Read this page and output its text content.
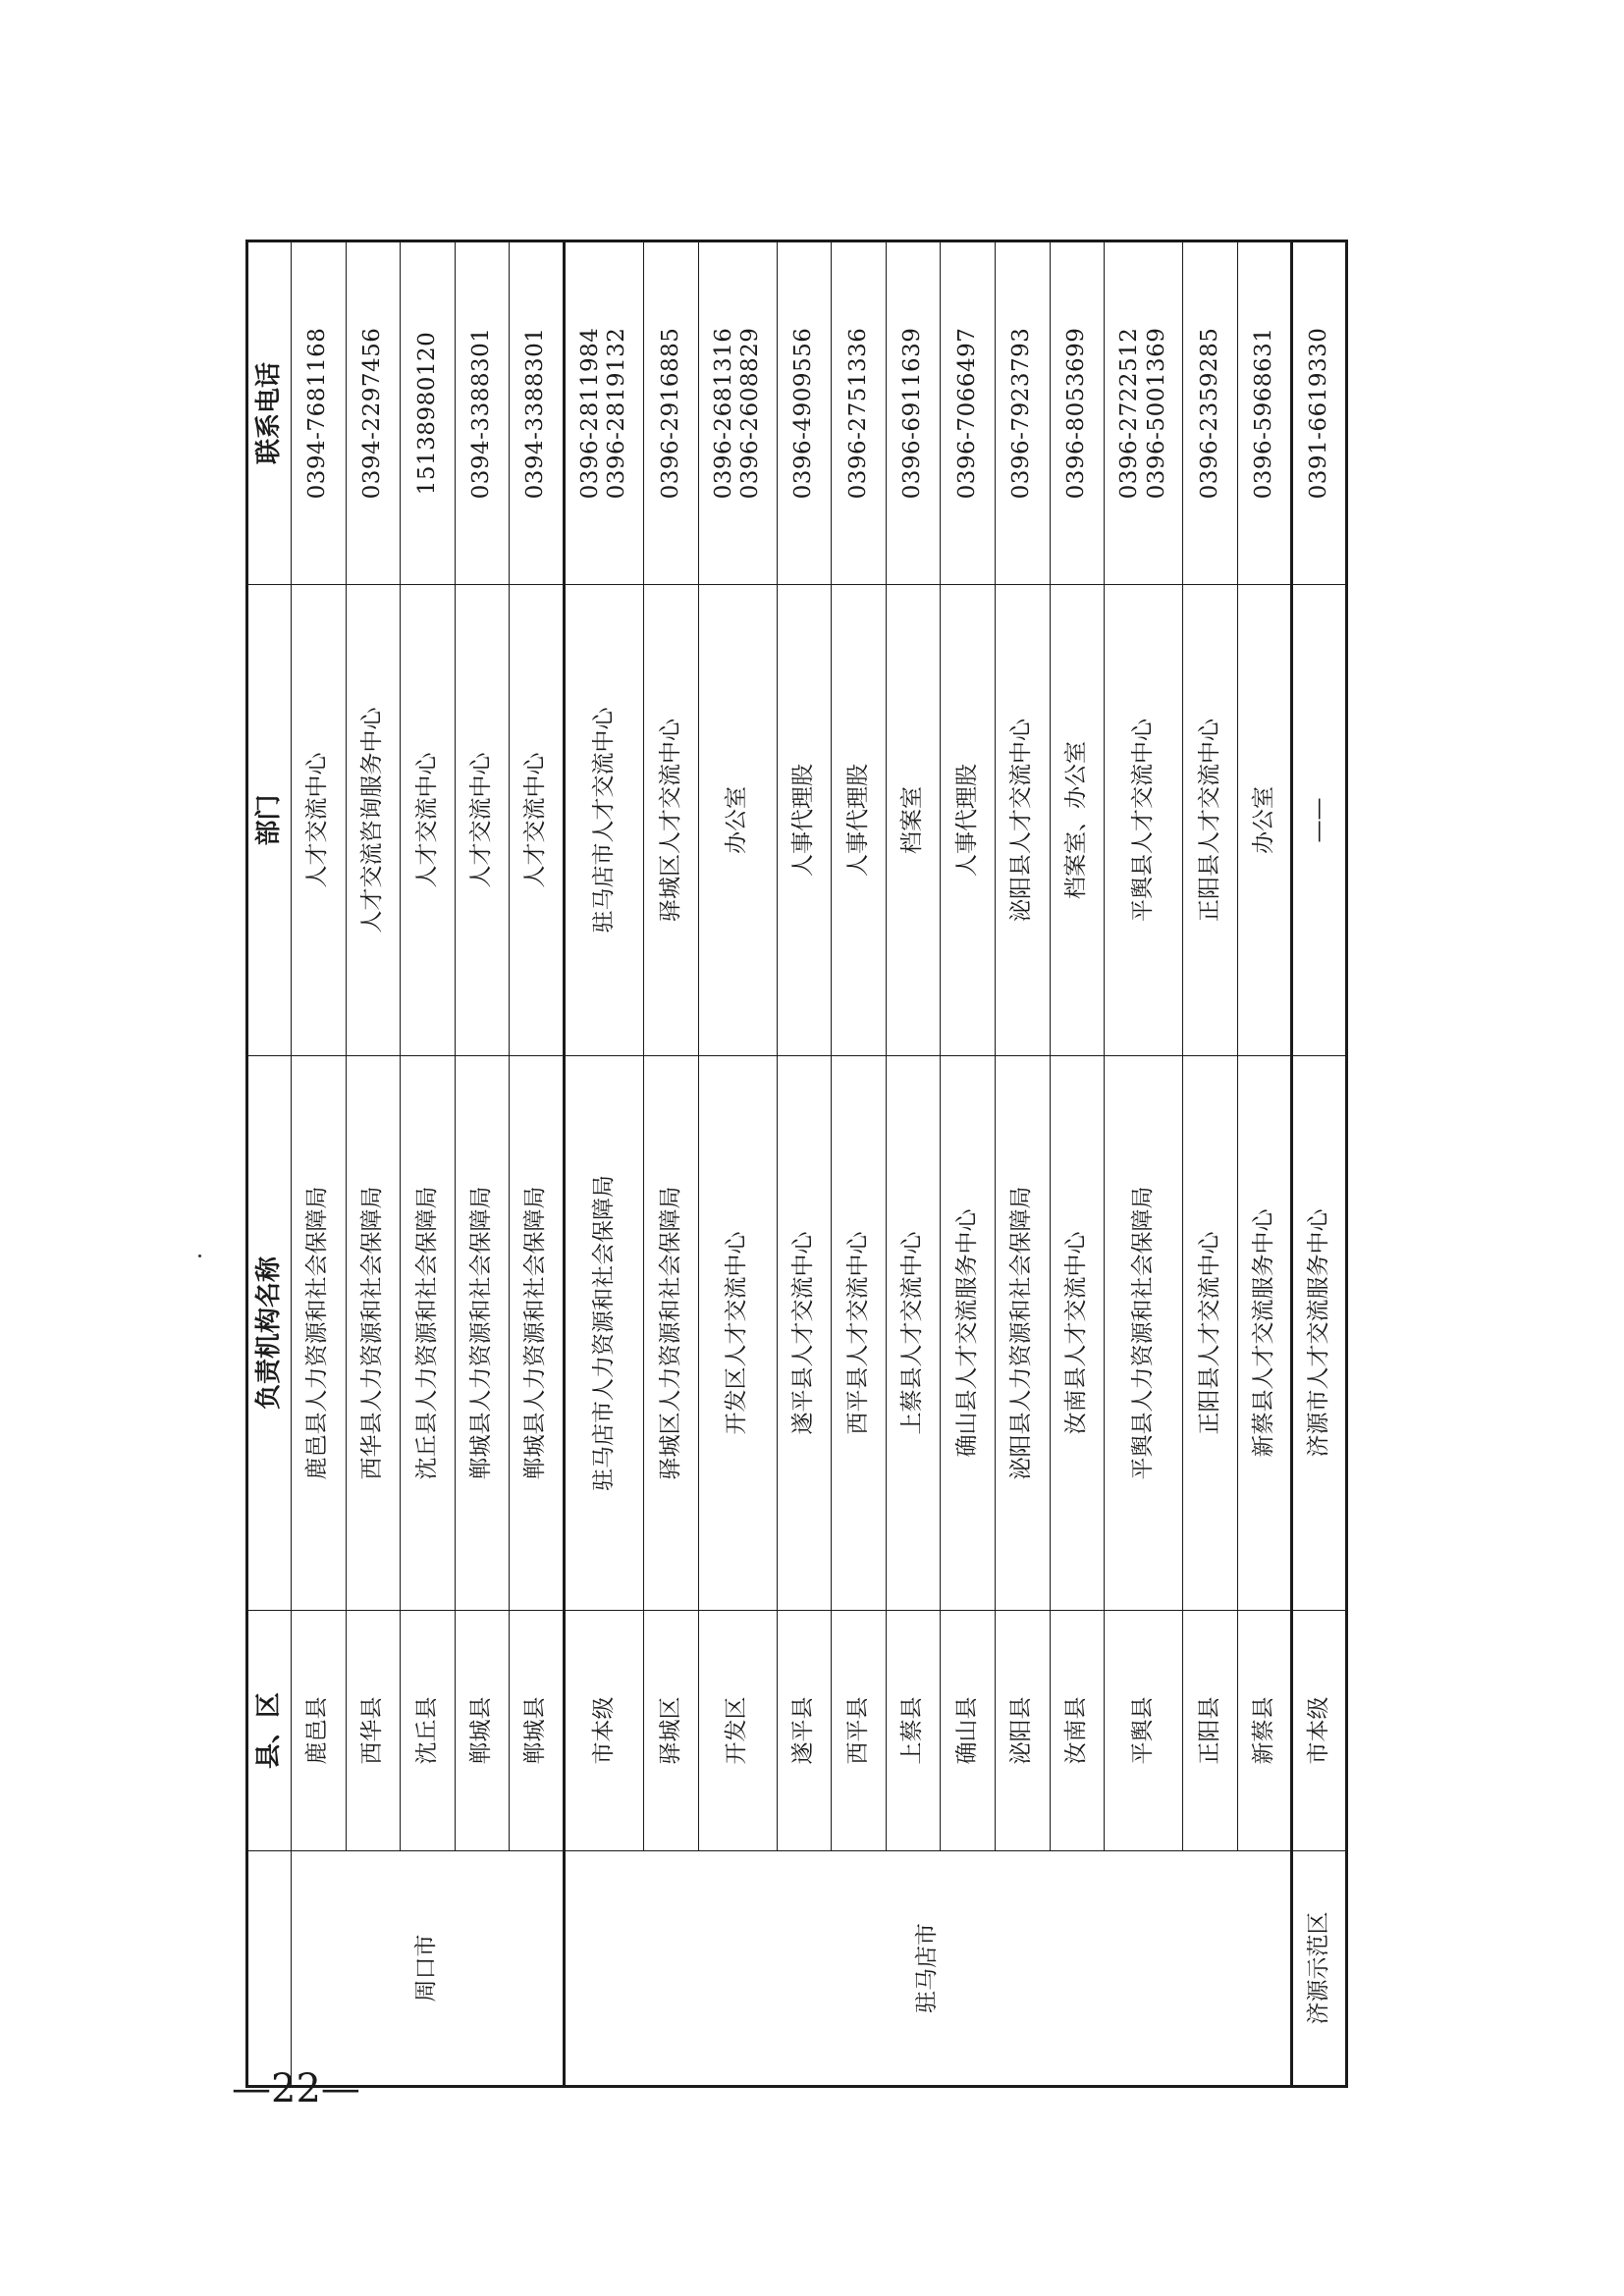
	县、区	负责机构名称	部门	联系电话
周口市	鹿邑县	鹿邑县人力资源和社会保障局	人才交流中心	0394-7681168

	西华县	西华县人力资源和社会保障局	人才交流咨询服务中心	0394-2297456

	沈丘县	沈丘县人力资源和社会保障局	人才交流中心	15138980120

	郸城县	郸城县人力资源和社会保障局	人才交流中心	0394-3388301

	郸城县	郸城县人力资源和社会保障局	人才交流中心	0394-3388301

驻马店市	市本级	驻马店市人力资源和社会保障局	驻马店市人才交流中心	0396-2811984 0396-2819132

	驿城区	驿城区人力资源和社会保障局	驿城区人才交流中心	0396-2916885

	开发区	开发区人才交流中心	办公室	0396-2681316 0396-2608829

	遂平县	遂平县人才交流中心	人事代理股	0396-4909556

	西平县	西平县人才交流中心	人事代理股	0396-2751336

	上蔡县	上蔡县人才交流中心	档案室	0396-6911639

	确山县	确山县人才交流服务中心	人事代理股	0396-7066497

	泌阳县	泌阳县人力资源和社会保障局	泌阳县人才交流中心	0396-7923793

	汝南县	汝南县人才交流中心	档案室、办公室	0396-8053699

	平舆县	平舆县人力资源和社会保障局	平舆县人才交流中心	0396-2722512 0396-5001369

	正阳县	正阳县人才交流中心	正阳县人才交流中心	0396-2359285

	新蔡县	新蔡县人才交流服务中心	办公室	0396-5968631

济源示范区	市本级	济源市人才交流服务中心	——	0391-6619330
—22—
